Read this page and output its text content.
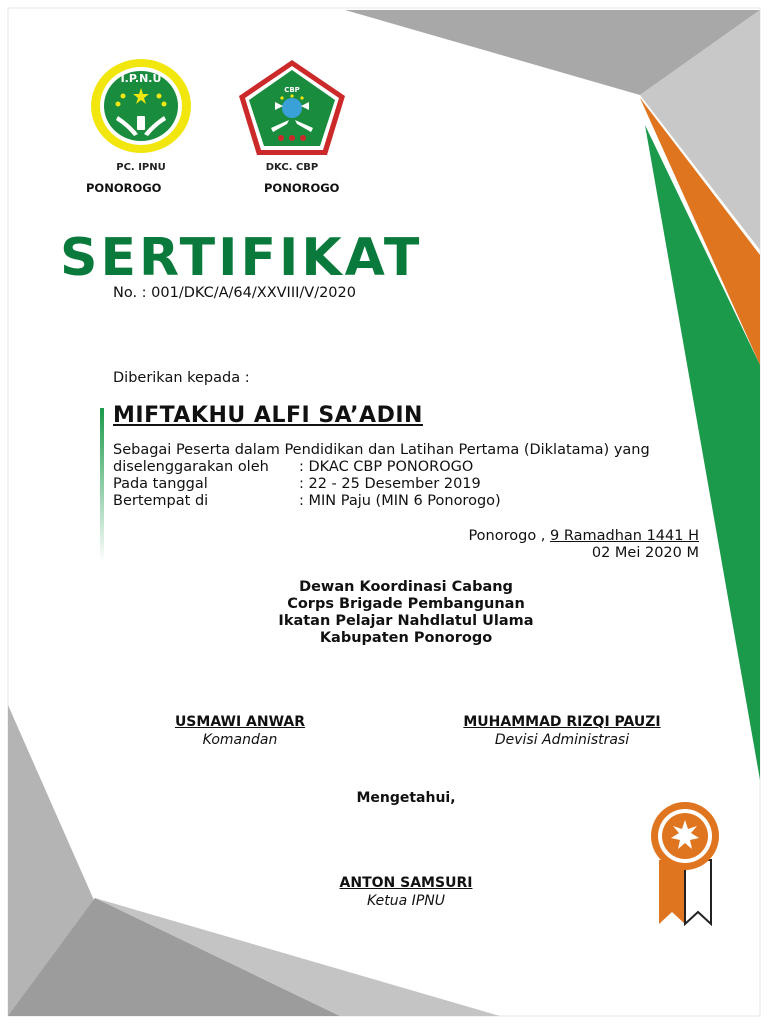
I.P.N.U
PC. IPNU
PONOROGO
CBP
DKC. CBP
PONOROGO
SERTIFIKAT
No. : 001/DKC/A/64/XXVIII/V/2020
Diberikan kepada :
MIFTAKHU ALFI SA’ADIN
Sebagai Peserta dalam Pendidikan dan Latihan Pertama (Diklatama) yang
diselenggarakan oleh : DKAC CBP PONOROGO
Pada tanggal	: 22 - 25 Desember 2019
Bertempat di	: MIN Paju (MIN 6 Ponorogo)
Ponorogo , 9 Ramadhan 1441 H
02 Mei 2020 M
Dewan Koordinasi Cabang
Corps Brigade Pembangunan
Ikatan Pelajar Nahdlatul Ulama
Kabupaten Ponorogo
USMAWI ANWAR
Komandan
MUHAMMAD RIZQI PAUZI
Devisi Administrasi
Mengetahui,
ANTON SAMSURI
Ketua IPNU
